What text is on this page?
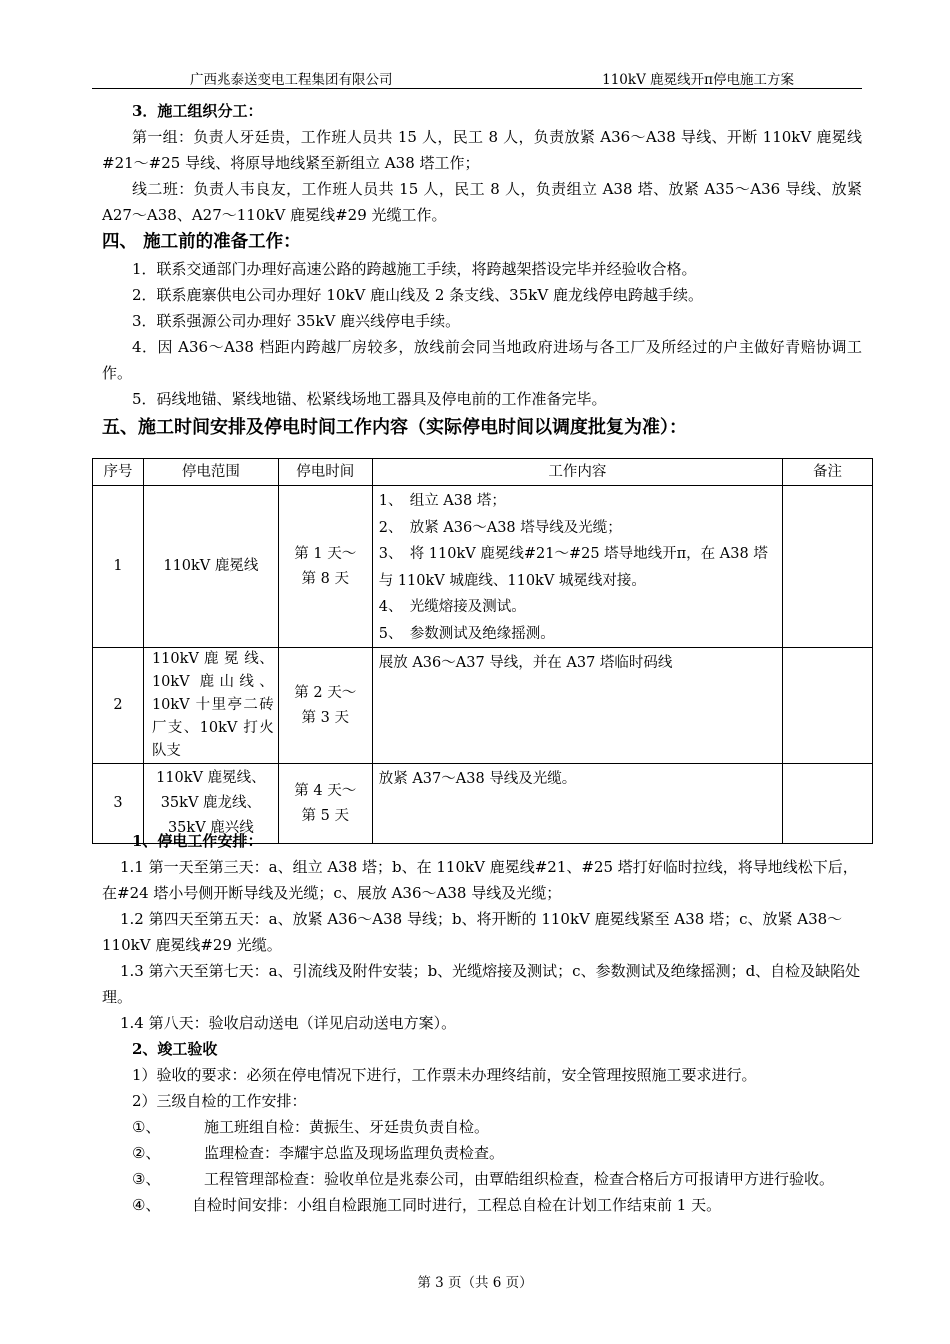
广西兆泰送变电工程集团有限公司	110kV 鹿冕线开π停电施工方案

3．施工组织分工：

第一组：负责人牙廷贵，工作班人员共 15 人，民工 8 人，负责放紧 A36～A38 导线、开断 110kV 鹿冕线#21～#25 导线、将原导地线紧至新组立 A38 塔工作；

线二班：负责人韦良友，工作班人员共 15 人，民工 8 人，负责组立 A38 塔、放紧 A35～A36 导线、放紧A27～A38、A27～110kV 鹿冕线#29 光缆工作。

四、 施工前的准备工作：

1．联系交通部门办理好高速公路的跨越施工手续，将跨越架搭设完毕并经验收合格。

2．联系鹿寨供电公司办理好 10kV 鹿山线及 2 条支线、35kV 鹿龙线停电跨越手续。

3．联系强源公司办理好 35kV 鹿兴线停电手续。

4．因 A36～A38 档距内跨越厂房较多，放线前会同当地政府进场与各工厂及所经过的户主做好青赔协调工作。

5．码线地锚、紧线地锚、松紧线场地工器具及停电前的工作准备完毕。

五、施工时间安排及停电时间工作内容（实际停电时间以调度批复为准）：

序号	停电范围	停电时间	工作内容	备注
1	110kV 鹿冕线	第 1 天～第 8 天	1、　组立 A38 塔；
2、　放紧 A36～A38 塔导线及光缆；
3、　将 110kV 鹿冕线#21～#25 塔导地线开π，在 A38 塔与 110kV 城鹿线、110kV 城冕线对接。
4、　光缆熔接及测试。
5、　参数测试及绝缘摇测。	

2	110kV 鹿 冕 线、10kV 鹿山线、10kV 十里亭二砖厂支、10kV 打火队支	第 2 天～第 3 天	展放 A36～A37 导线，并在 A37 塔临时码线	

3	110kV 鹿冕线、35kV 鹿龙线、35kV 鹿兴线	第 4 天～第 5 天	放紧 A37～A38 导线及光缆。	

1、停电工作安排：

1.1 第一天至第三天：a、组立 A38 塔；b、在 110kV 鹿冕线#21、#25 塔打好临时拉线，将导地线松下后，在#24 塔小号侧开断导线及光缆；c、展放 A36～A38 导线及光缆；

1.2 第四天至第五天：a、放紧 A36～A38 导线；b、将开断的 110kV 鹿冕线紧至 A38 塔；c、放紧 A38～110kV 鹿冕线#29 光缆。

1.3 第六天至第七天：a、引流线及附件安装；b、光缆熔接及测试；c、参数测试及绝缘摇测；d、自检及缺陷处理。

1.4 第八天：验收启动送电（详见启动送电方案）。

2、竣工验收

1）验收的要求：必须在停电情况下进行，工作票未办理终结前，安全管理按照施工要求进行。

2）三级自检的工作安排：

①、	施工班组自检：黄振生、牙廷贵负责自检。

②、	监理检查：李耀宇总监及现场监理负责检查。

③、	工程管理部检查：验收单位是兆泰公司，由覃皓组织检查，检查合格后方可报请甲方进行验收。

④、 自检时间安排：小组自检跟施工同时进行，工程总自检在计划工作结束前 1 天。

第 3 页（共 6 页）
